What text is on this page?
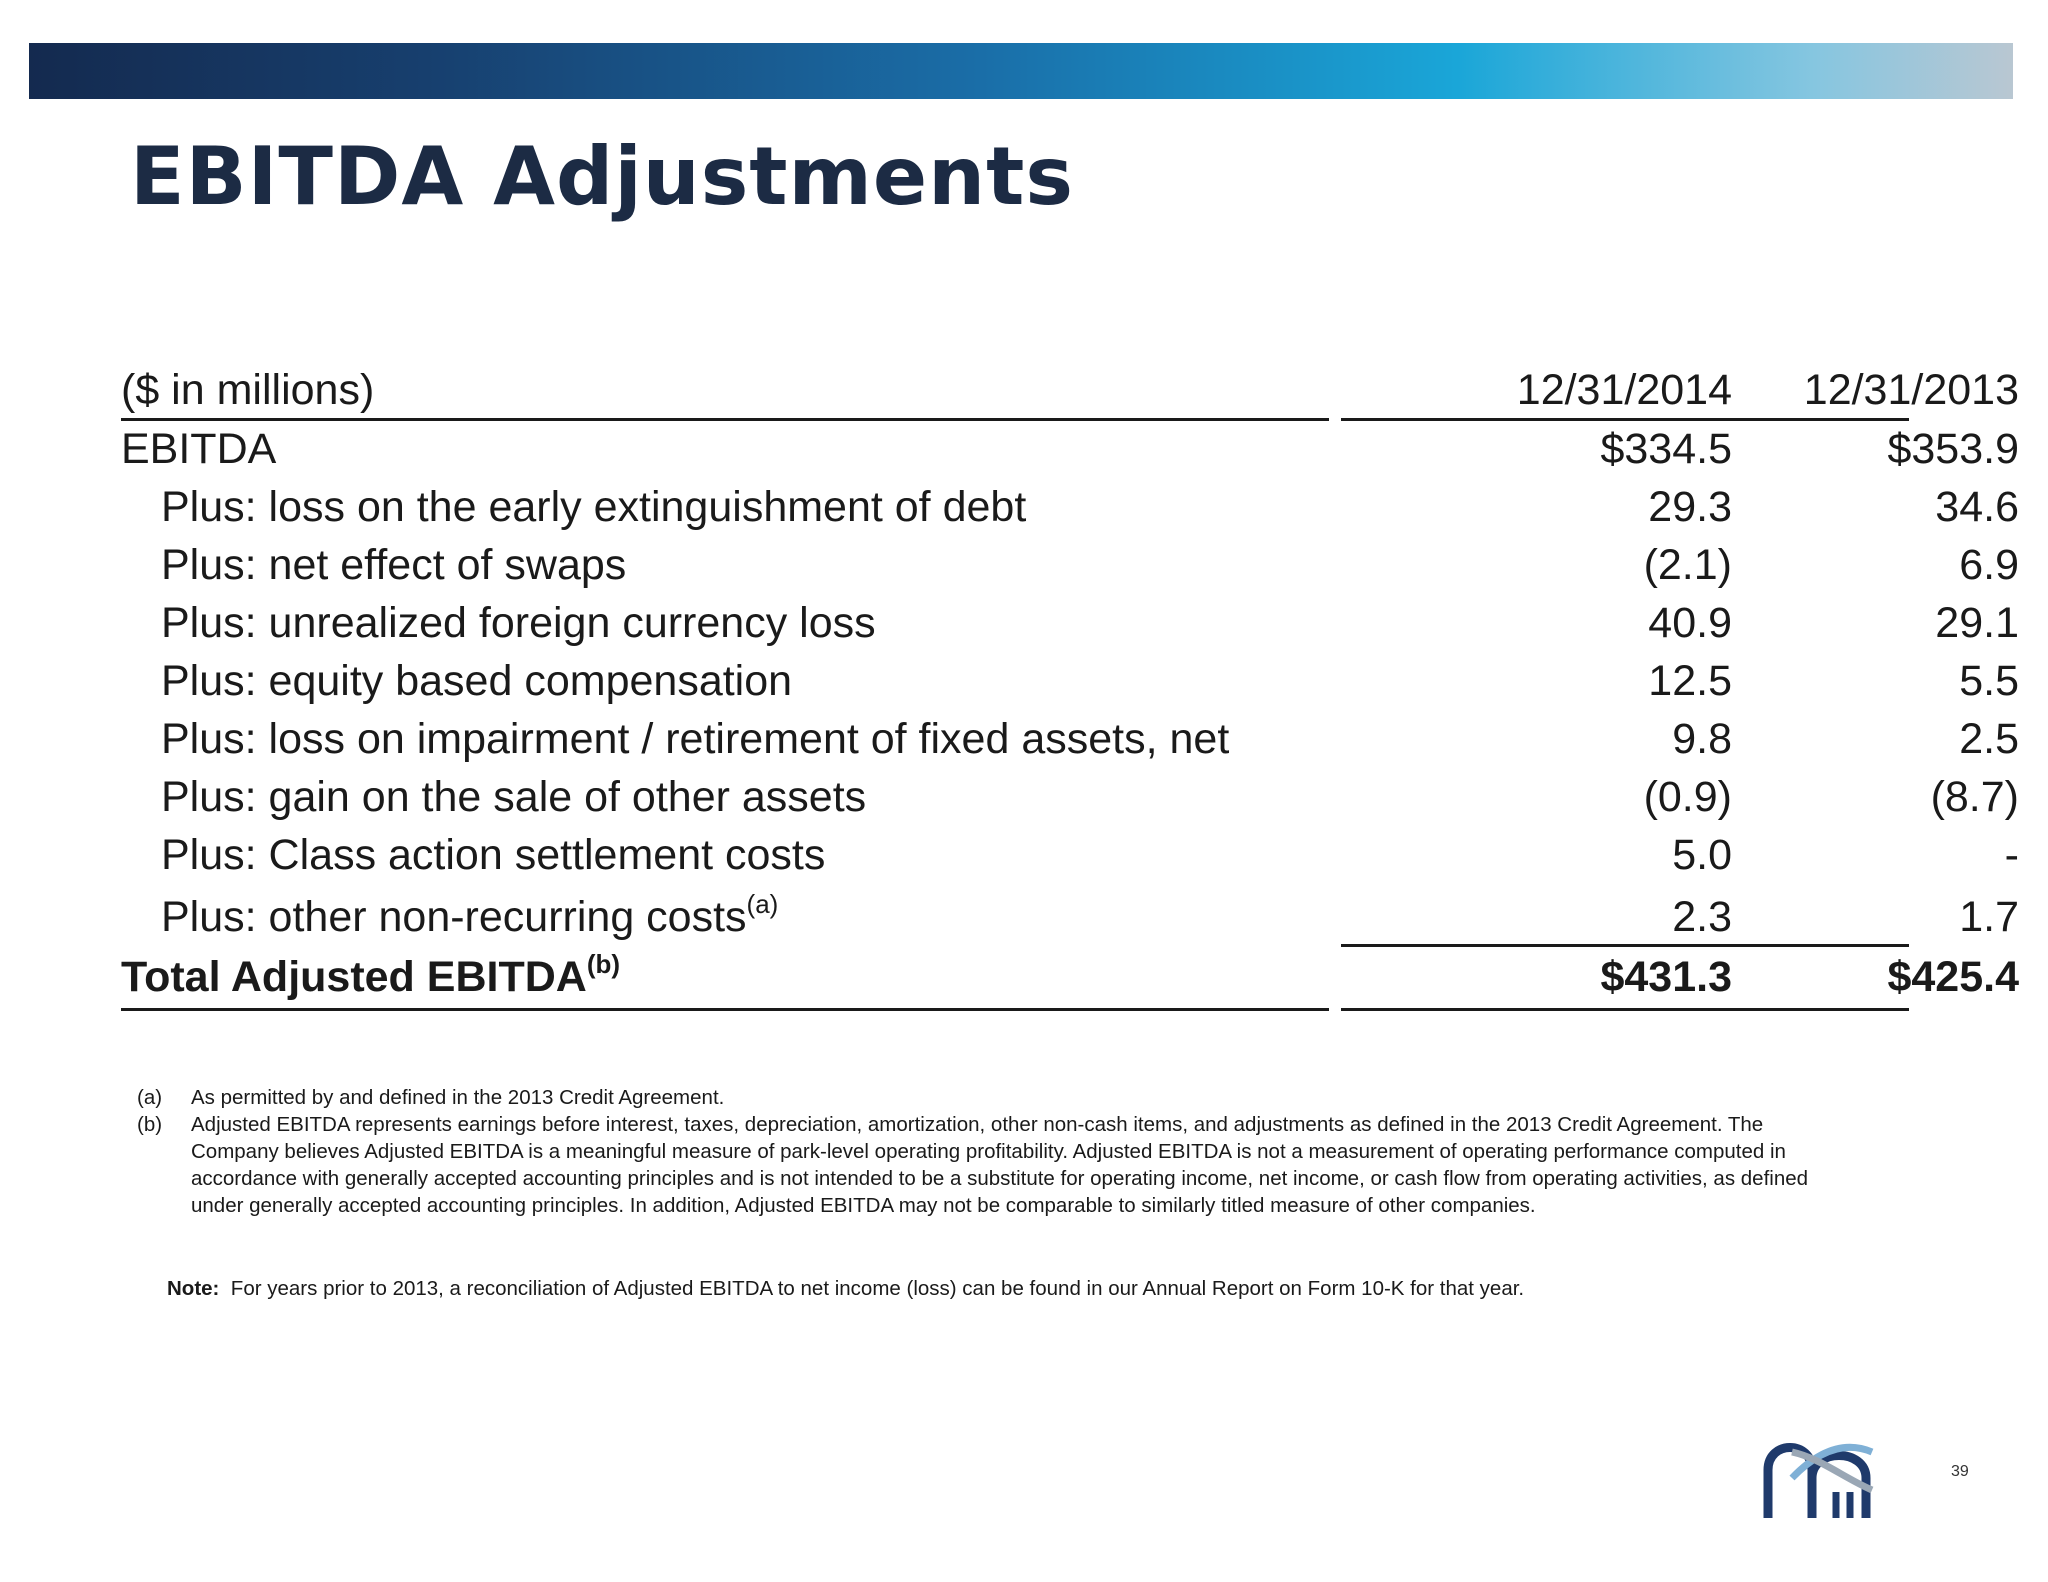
EBITDA Adjustments
($ in millions)	12/31/2014	12/31/2013
EBITDA	$334.5	$353.9
Plus: loss on the early extinguishment of debt	29.3	34.6
Plus: net effect of swaps	(2.1)	6.9
Plus: unrealized foreign currency loss	40.9	29.1
Plus: equity based compensation	12.5	5.5
Plus: loss on impairment / retirement of fixed assets, net	9.8	2.5
Plus: gain on the sale of other assets	(0.9)	(8.7)
Plus: Class action settlement costs	5.0	-
Plus: other non-recurring costs$^{(a)}$	2.3	1.7
Total Adjusted EBITDA$^{(b)}$	$431.3	$425.4
(a) As permitted by and defined in the 2013 Credit Agreement.
(b) Adjusted EBITDA represents earnings before interest, taxes, depreciation, amortization, other non-cash items, and adjustments as defined in the 2013 Credit Agreement. The Company believes Adjusted EBITDA is a meaningful measure of park-level operating profitability. Adjusted EBITDA is not a measurement of operating performance computed in accordance with generally accepted accounting principles and is not intended to be a substitute for operating income, net income, or cash flow from operating activities, as defined under generally accepted accounting principles. In addition, Adjusted EBITDA may not be comparable to similarly titled measure of other companies.
Note: For years prior to 2013, a reconciliation of Adjusted EBITDA to net income (loss) can be found in our Annual Report on Form 10-K for that year.
39
